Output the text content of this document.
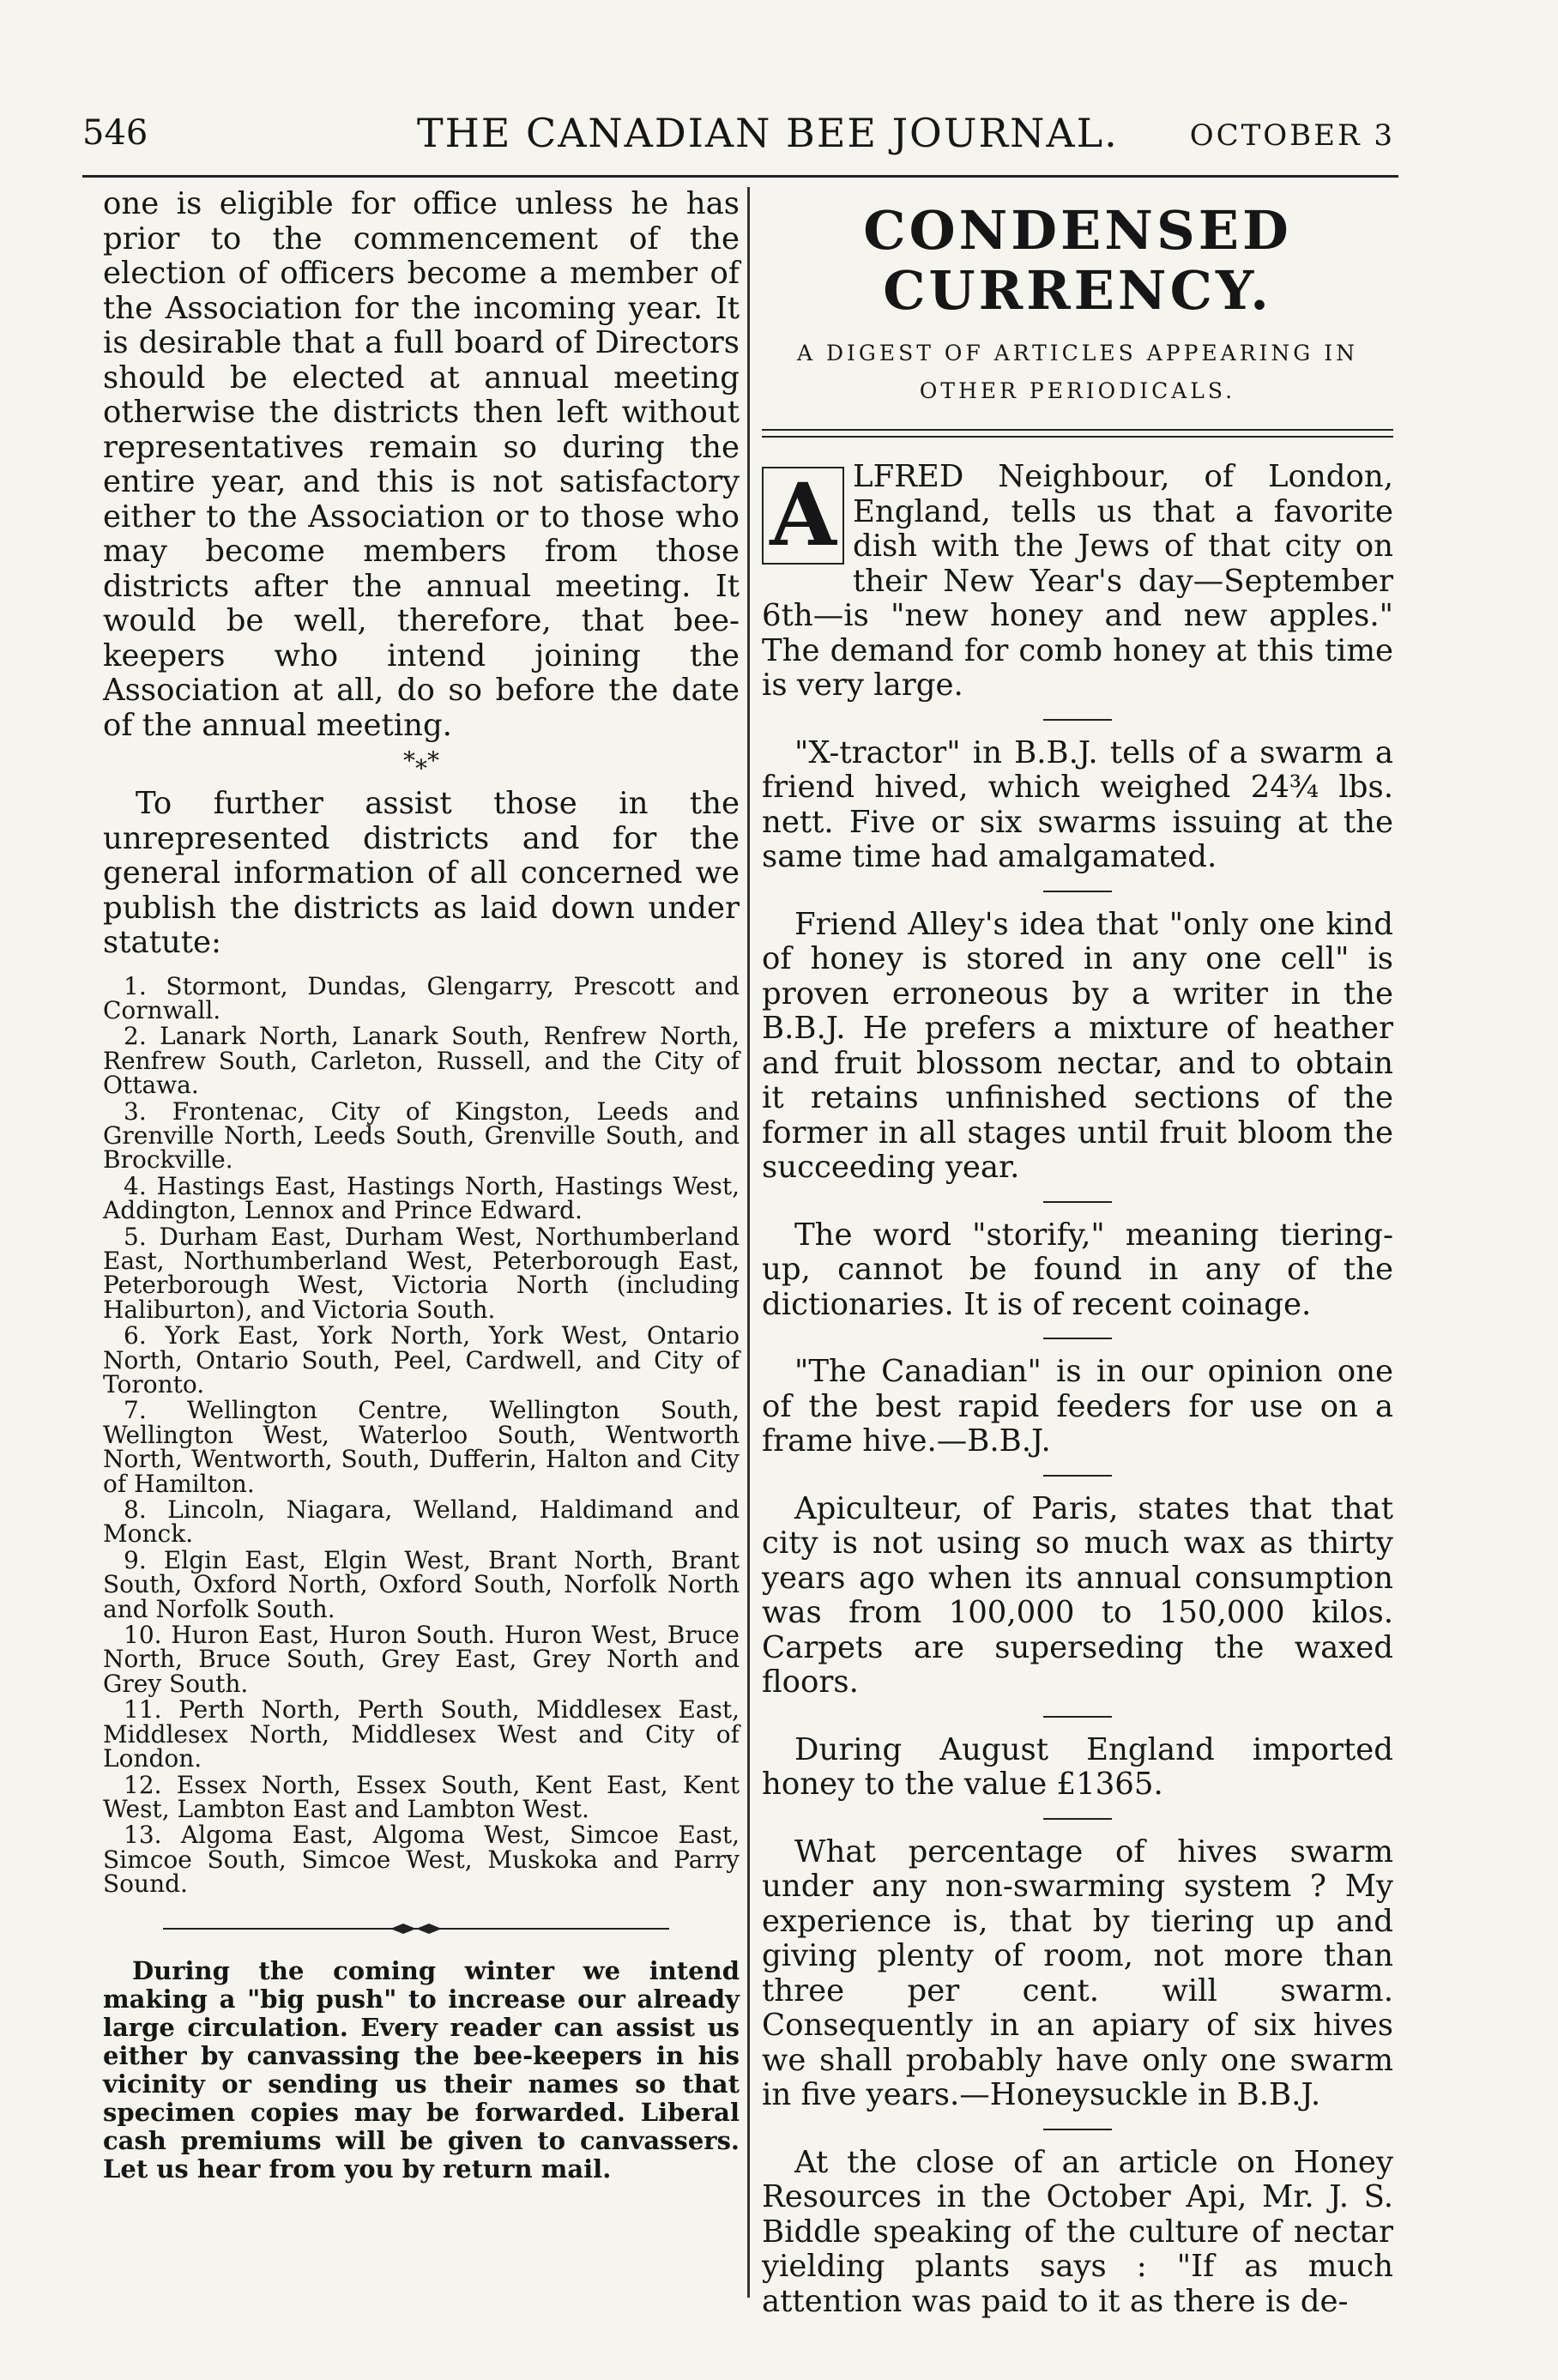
546	THE CANADIAN BEE JOURNAL. OCTOBER 3

one is eligible for office unless he has prior to the commencement of the election of officers become a member of the Association for the incoming year. It is desirable that a full board of Directors should be elected at annual meeting otherwise the districts then left without representatives remain so during the entire year, and this is not satisfactory either to the Association or to those who may become members from those districts after the annual meeting. It would be well, therefore, that bee-keepers who intend joining the Association at all, do so before the date of the annual meeting.

*⁎*

To further assist those in the unrepresented districts and for the general information of all concerned we publish the districts as laid down under statute:

1. Stormont, Dundas, Glengarry, Prescott and Cornwall.
2. Lanark North, Lanark South, Renfrew North, Renfrew South, Carleton, Russell, and the City of Ottawa.
3. Frontenac, City of Kingston, Leeds and Grenville North, Leeds South, Grenville South, and Brockville.
4. Hastings East, Hastings North, Hastings West, Addington, Lennox and Prince Edward.
5. Durham East, Durham West, Northumberland East, Northumberland West, Peterborough East, Peterborough West, Victoria North (including Haliburton), and Victoria South.
6. York East, York North, York West, Ontario North, Ontario South, Peel, Cardwell, and City of Toronto.
7. Wellington Centre, Wellington South, Wellington West, Waterloo South, Wentworth North, Wentworth, South, Dufferin, Halton and City of Hamilton.
8. Lincoln, Niagara, Welland, Haldimand and Monck.
9. Elgin East, Elgin West, Brant North, Brant South, Oxford North, Oxford South, Norfolk North and Norfolk South.
10. Huron East, Huron South. Huron West, Bruce North, Bruce South, Grey East, Grey North and Grey South.
11. Perth North, Perth South, Middlesex East, Middlesex North, Middlesex West and City of London.
12. Essex North, Essex South, Kent East, Kent West, Lambton East and Lambton West.
13. Algoma East, Algoma West, Simcoe East, Simcoe South, Simcoe West, Muskoka and Parry Sound.

During the coming winter we intend making a "big push" to increase our already large circulation. Every reader can assist us either by canvassing the bee-keepers in his vicinity or sending us their names so that specimen copies may be forwarded. Liberal cash premiums will be given to canvassers. Let us hear from you by return mail.

CONDENSED CURRENCY.
A DIGEST OF ARTICLES APPEARING IN
OTHER PERIODICALS.
A LFRED Neighbour, of London, England, tells us that a favorite dish with the Jews of that city on their New Year's day—September 6th—is "new honey and new apples." The demand for comb honey at this time is very large.

"X-tractor" in B.B.J. tells of a swarm a friend hived, which weighed 24¾ lbs. nett. Five or six swarms issuing at the same time had amalgamated.

Friend Alley's idea that "only one kind of honey is stored in any one cell" is proven erroneous by a writer in the B.B.J. He prefers a mixture of heather and fruit blossom nectar, and to obtain it retains unfinished sections of the former in all stages until fruit bloom the succeeding year.

The word "storify," meaning tiering-up, cannot be found in any of the dictionaries. It is of recent coinage.

"The Canadian" is in our opinion one of the best rapid feeders for use on a frame hive.—B.B.J.

Apiculteur, of Paris, states that that city is not using so much wax as thirty years ago when its annual consumption was from 100,000 to 150,000 kilos. Carpets are superseding the waxed floors.

During August England imported honey to the value £1365.

What percentage of hives swarm under any non-swarming system ? My experience is, that by tiering up and giving plenty of room, not more than three per cent. will swarm. Consequently in an apiary of six hives we shall probably have only one swarm in five years.—Honeysuckle in B.B.J.

At the close of an article on Honey Resources in the October Api, Mr. J. S. Biddle speaking of the culture of nectar yielding plants says : "If as much attention was paid to it as there is de-
